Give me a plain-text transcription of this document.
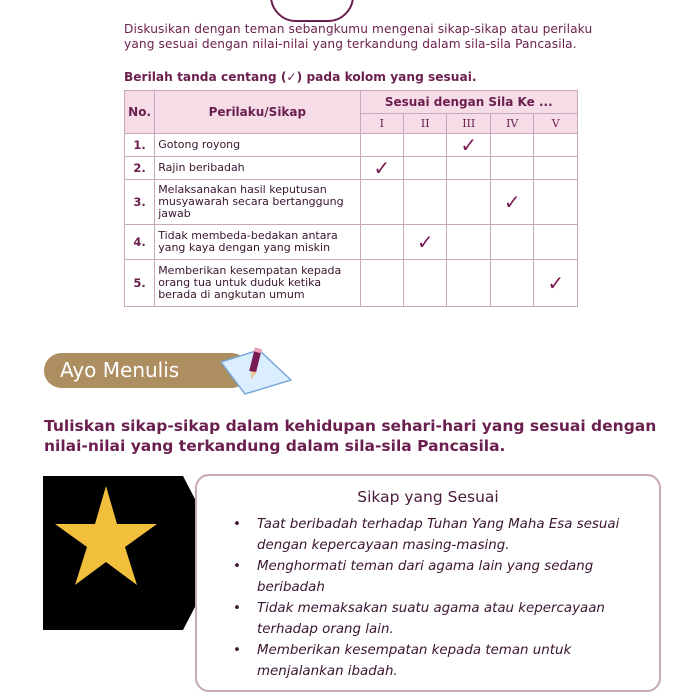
Diskusikan dengan teman sebangkumu mengenai sikap-sikap atau perilaku yang sesuai dengan nilai-nilai yang terkandung dalam sila-sila Pancasila.

Berilah tanda centang (✓) pada kolom yang sesuai.
No.	Perilaku/Sikap	Sesuai dengan Sila Ke ...				
		I	II	III	IV	V
1.	Gotong royong			✓		
2.	Rajin beribadah	✓				
3.	Melaksanakan hasil keputusan musyawarah secara bertanggung jawab				✓	
4.	Tidak membeda-bedakan antara yang kaya dengan yang miskin		✓			
5.	Memberikan kesempatan kepada orang tua untuk duduk ketika berada di angkutan umum					✓
Ayo Menulis
Tuliskan sikap-sikap dalam kehidupan sehari-hari yang sesuai dengan nilai-nilai yang terkandung dalam sila-sila Pancasila.
Sikap yang Sesuai
• Taat beribadah terhadap Tuhan Yang Maha Esa sesuai dengan kepercayaan masing-masing.
• Menghormati teman dari agama lain yang sedang beribadah
• Tidak memaksakan suatu agama atau kepercayaan terhadap orang lain.
• Memberikan kesempatan kepada teman untuk menjalankan ibadah.
